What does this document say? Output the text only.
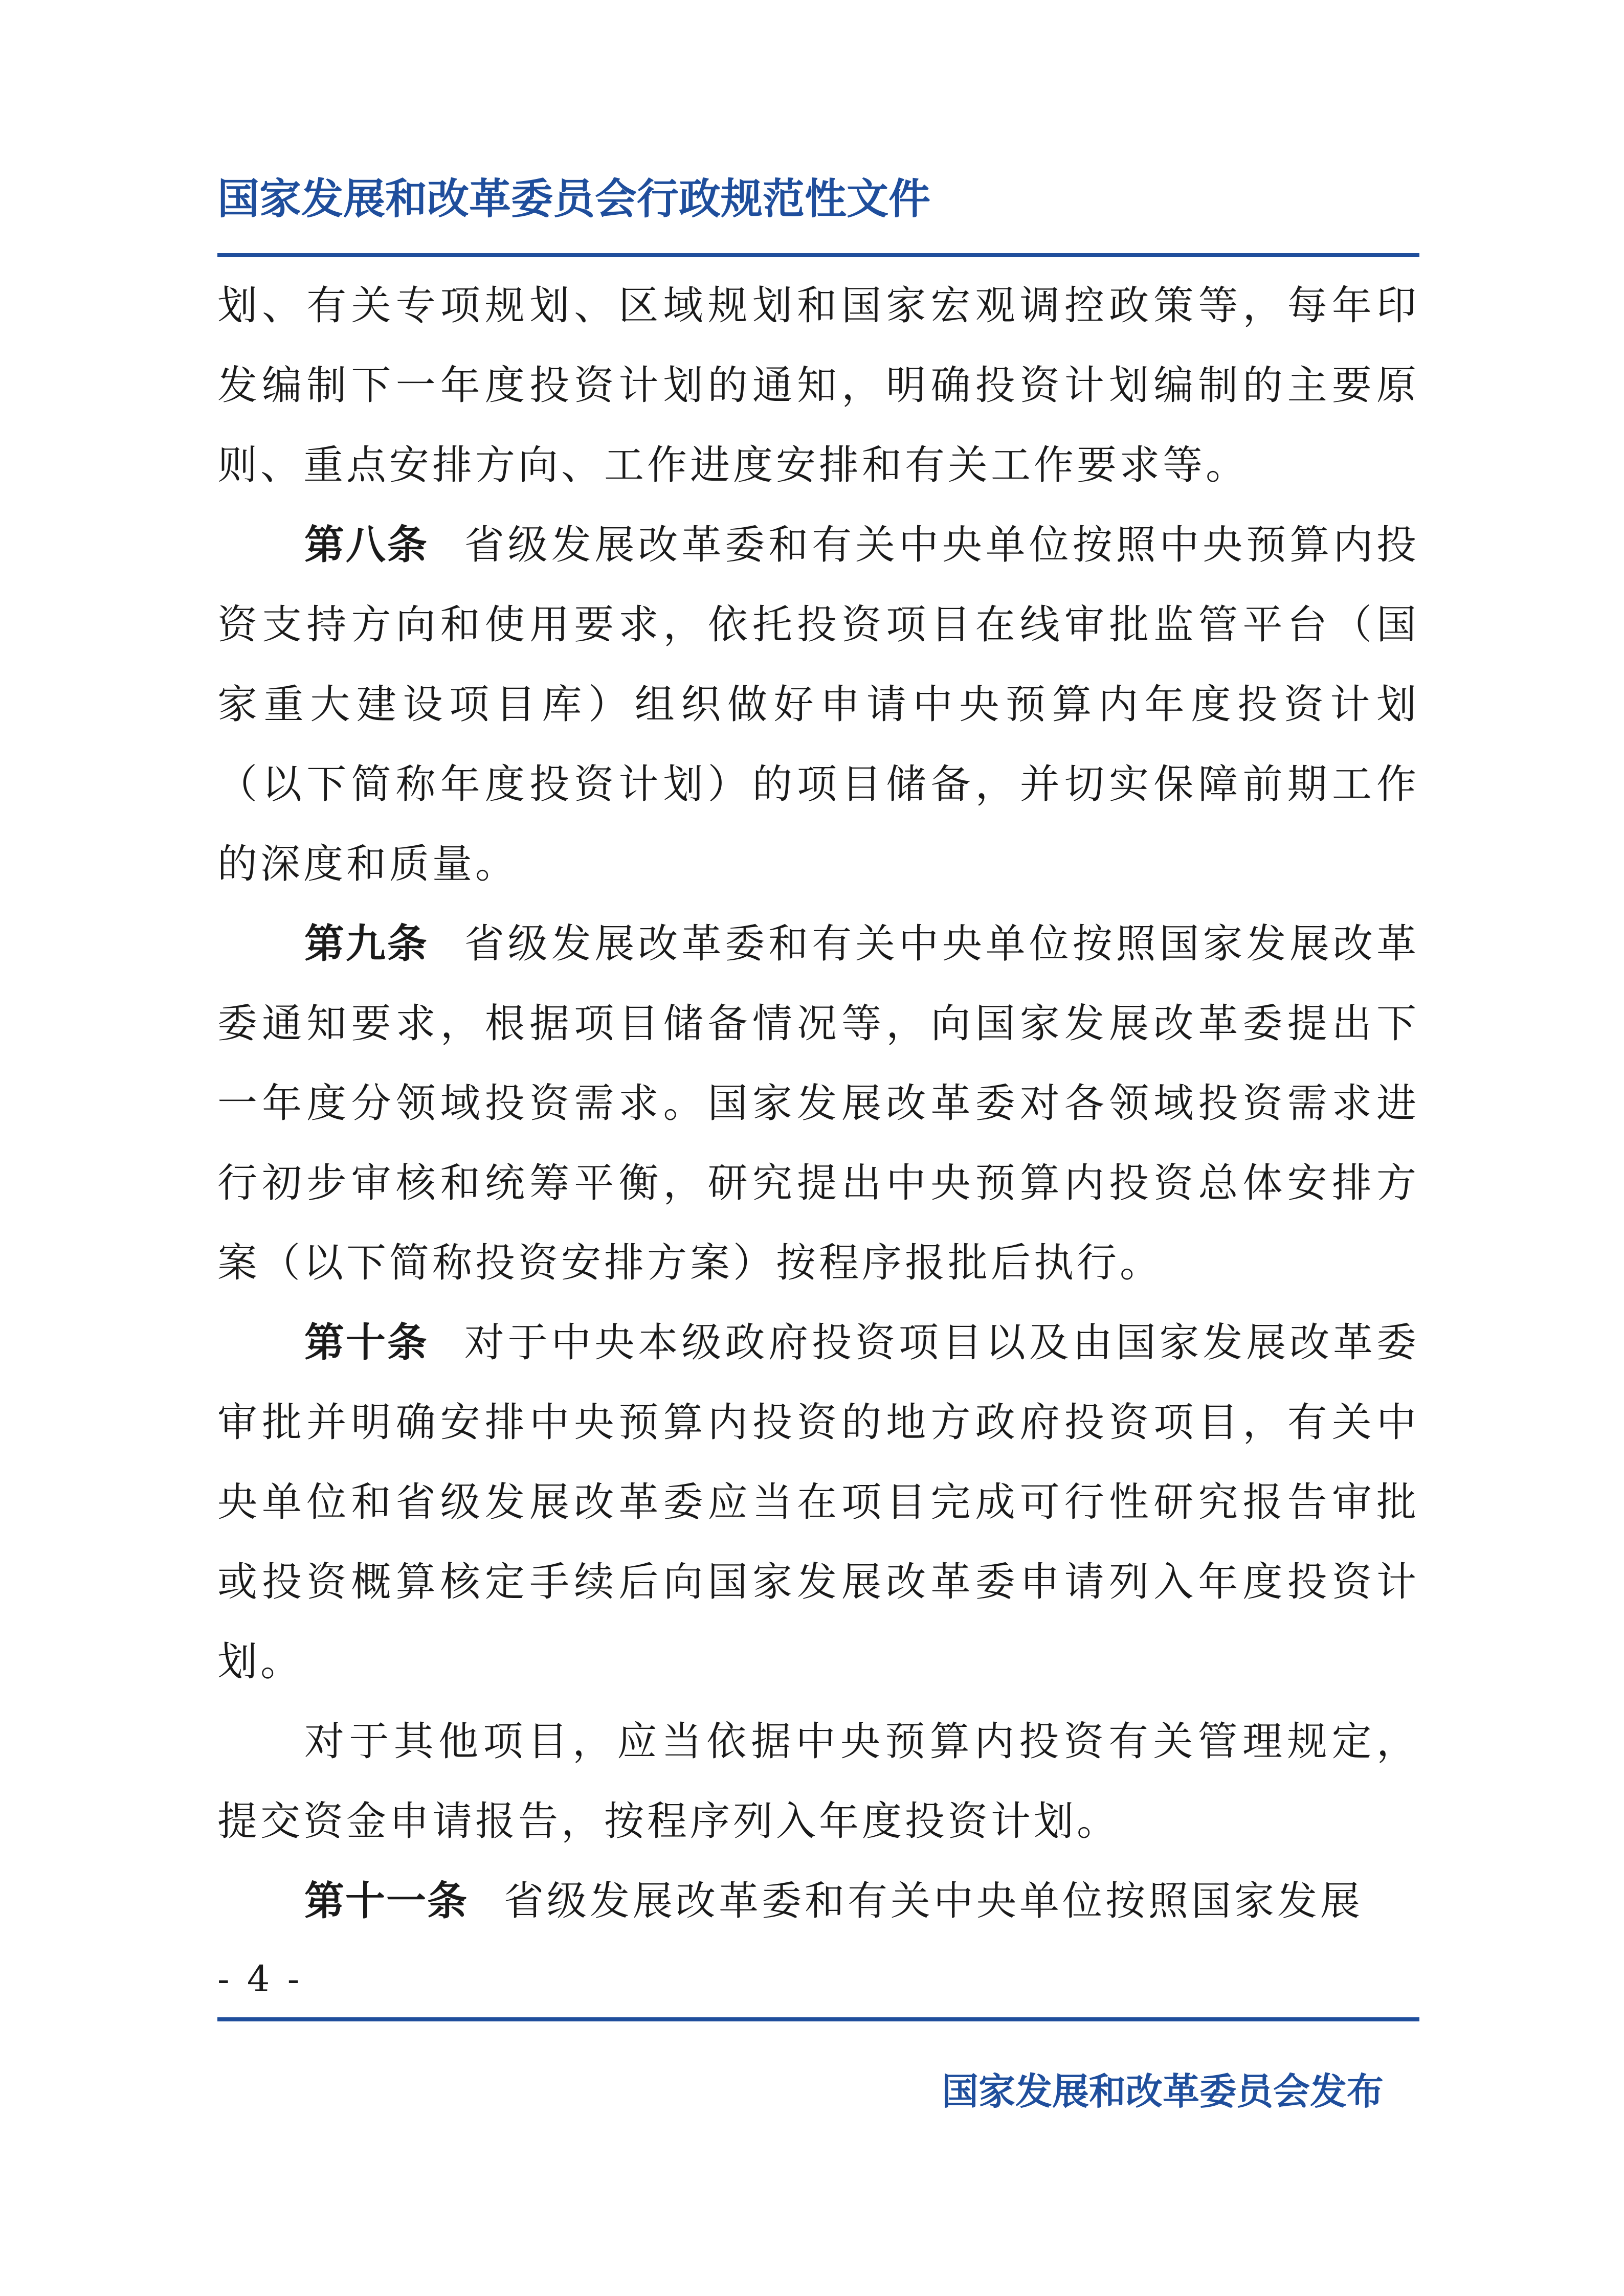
国家发展和改革委员会行政规范性文件

划、有关专项规划、区域规划和国家宏观调控政策等，每年印发编制下一年度投资计划的通知，明确投资计划编制的主要原则、重点安排方向、工作进度安排和有关工作要求等。

第八条 省级发展改革委和有关中央单位按照中央预算内投资支持方向和使用要求，依托投资项目在线审批监管平台（国家重大建设项目库）组织做好申请中央预算内年度投资计划（以下简称年度投资计划）的项目储备，并切实保障前期工作的深度和质量。

第九条 省级发展改革委和有关中央单位按照国家发展改革委通知要求，根据项目储备情况等，向国家发展改革委提出下一年度分领域投资需求。国家发展改革委对各领域投资需求进行初步审核和统筹平衡，研究提出中央预算内投资总体安排方案（以下简称投资安排方案）按程序报批后执行。

第十条 对于中央本级政府投资项目以及由国家发展改革委审批并明确安排中央预算内投资的地方政府投资项目，有关中央单位和省级发展改革委应当在项目完成可行性研究报告审批或投资概算核定手续后向国家发展改革委申请列入年度投资计划。

对于其他项目，应当依据中央预算内投资有关管理规定，提交资金申请报告，按程序列入年度投资计划。

第十一条 省级发展改革委和有关中央单位按照国家发展

- 4 -
国家发展和改革委员会发布
